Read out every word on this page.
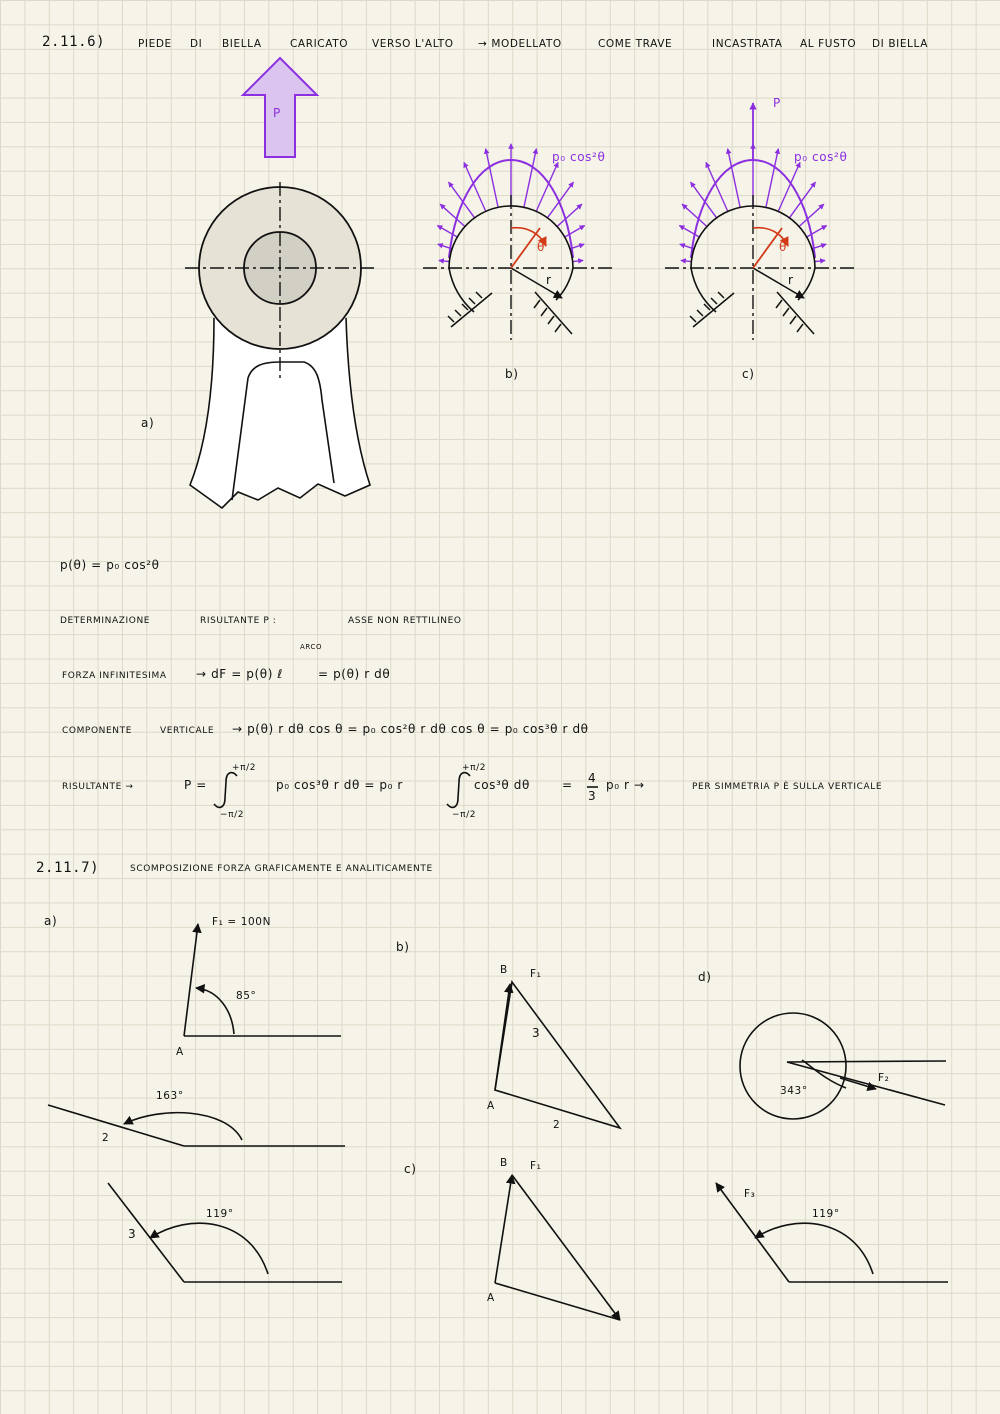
2.11.6)	PIEDE DI BIELLA	CARICATO VERSO L'ALTO → MODELLATO	COME TRAVE	INCASTRATA AL FUSTO DI BIELLA
P
P
p₀ cos²θ	p₀ cos²θ
θ	θ
r	r
a)
b)	c)
p(θ) = p₀ cos²θ
DETERMINAZIONE	RISULTANTE P :	ASSE NON RETTILINEO
FORZA INFINITESIMA → dF = p(θ) ℓ
ARCO
= p(θ) r dθ
COMPONENTE	VERTICALE → p(θ) r dθ cos θ = p₀ cos²θ r dθ cos θ = p₀ cos³θ r dθ
RISULTANTE →	P =
+π/2
−π/2
p₀ cos³θ r dθ = p₀ r
+π/2
−π/2
cos³θ dθ	= 4
3
p₀ r →	PER SIMMETRIA P È SULLA VERTICALE
2.11.7)	SCOMPOSIZIONE FORZA GRAFICAMENTE E ANALITICAMENTE
a)
b)
c)
d)
F₁ = 100N
85°
A
163°
2
119°
3
B F₁
3
A
2
B F₁
A
343°
F₂
F₃
119°
